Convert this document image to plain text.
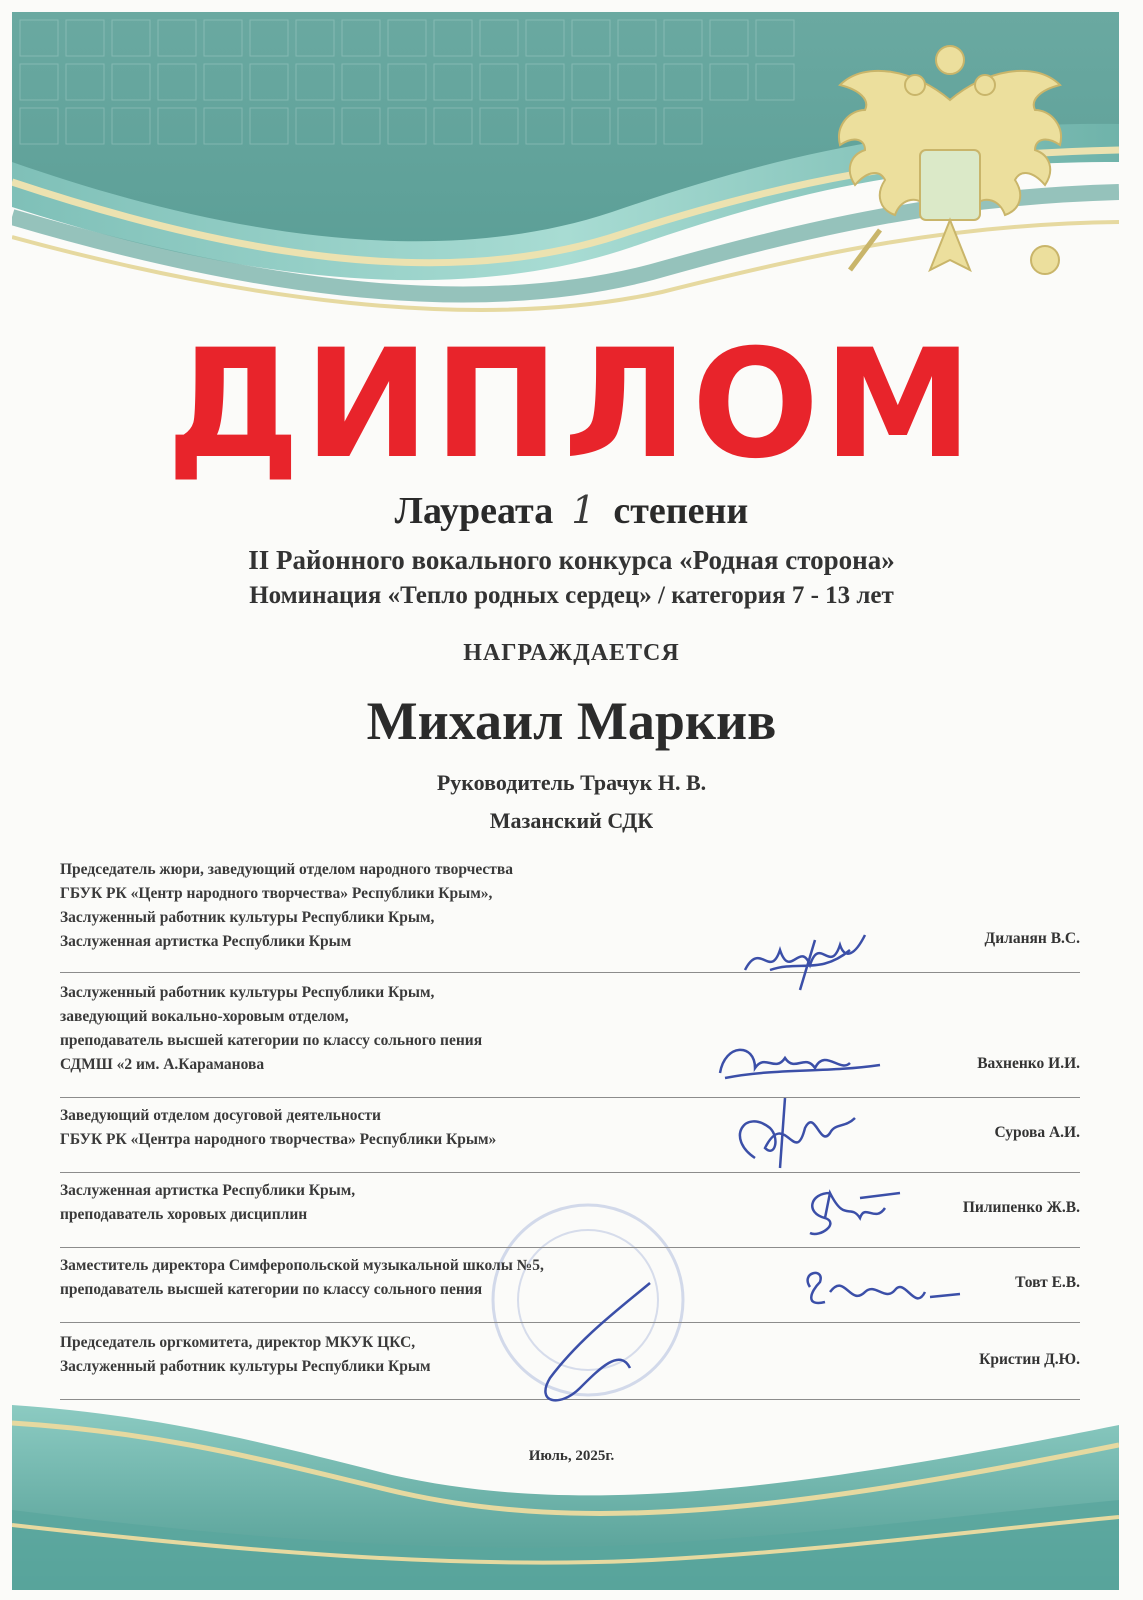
ДИПЛОМ
Лауреата 1 степени
II Районного вокального конкурса «Родная сторона»
Номинация «Тепло родных сердец» / категория 7 - 13 лет
НАГРАЖДАЕТСЯ
Михаил Маркив
Руководитель Трачук Н. В.
Мазанский СДК
Председатель жюри, заведующий отделом народного творчества
ГБУК РК «Центр народного творчества» Республики Крым»,
Заслуженный работник культуры Республики Крым,
Заслуженная артистка Республики Крым	Диланян В.С.
Заслуженный работник культуры Республики Крым,
заведующий вокально-хоровым отделом,
преподаватель высшей категории по классу сольного пения
СДМШ «2 им. А.Караманова	Вахненко И.И.
Заведующий отделом досуговой деятельности
ГБУК РК «Центра народного творчества» Республики Крым»	Сурова А.И.
Заслуженная артистка Республики Крым,
преподаватель хоровых дисциплин	Пилипенко Ж.В.
Заместитель директора Симферопольской музыкальной школы №5,
преподаватель высшей категории по классу сольного пения	Товт Е.В.
Председатель оргкомитета, директор МКУК ЦКС,
Заслуженный работник культуры Республики Крым	Кристин Д.Ю.
Июль, 2025г.
